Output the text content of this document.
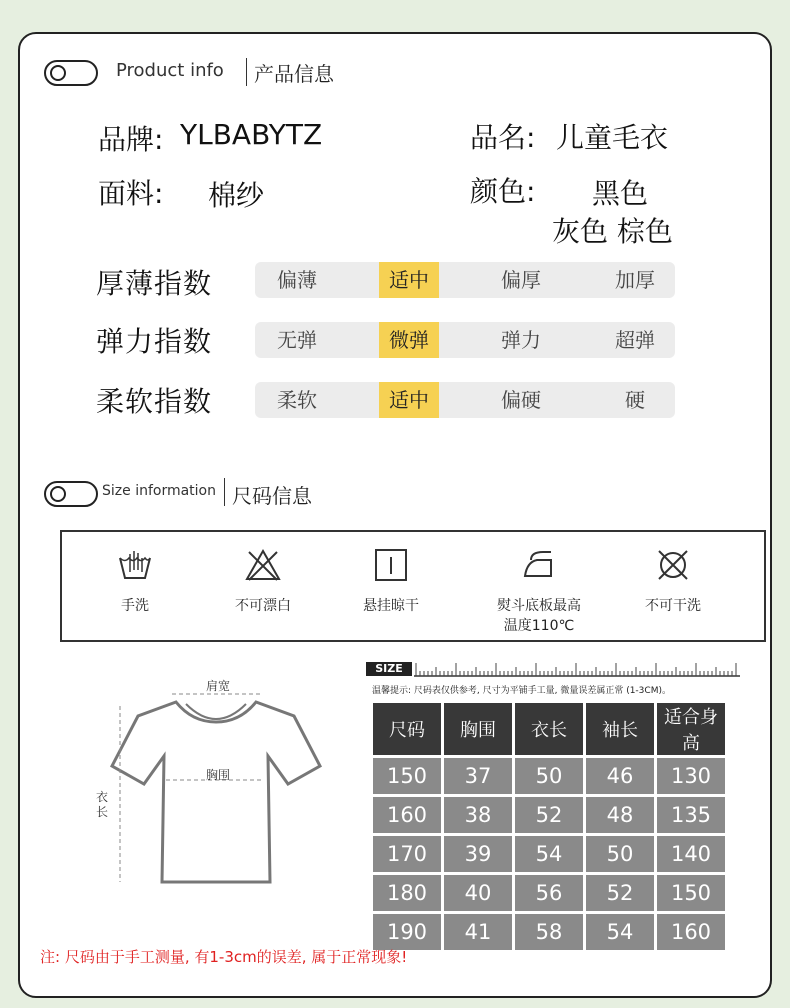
Product info 产品信息
品牌: YLBABYTZ	品名: 儿童毛衣
面料: 棉纱	颜色: 黑色
灰色 棕色
厚薄指数	偏薄	适中	偏厚	加厚
弹力指数	无弹	微弹	弹力	超弹
柔软指数	柔软	适中	偏硬	硬
Size information 尺码信息
手洗	不可漂白	悬挂晾干	熨斗底板最高
温度110℃
不可干洗
肩宽
胸围
衣长
SIZE
温馨提示: 尺码表仅供参考, 尺寸为平铺手工量, 微量误差属正常 (1-3CM)。
尺码	胸围	衣长	袖长	适合身高
150	37	50	46	130
160	38	52	48	135
170	39	54	50	140
180	40	56	52	150
190	41	58	54	160
注: 尺码由于手工测量, 有1-3cm的误差, 属于正常现象!
